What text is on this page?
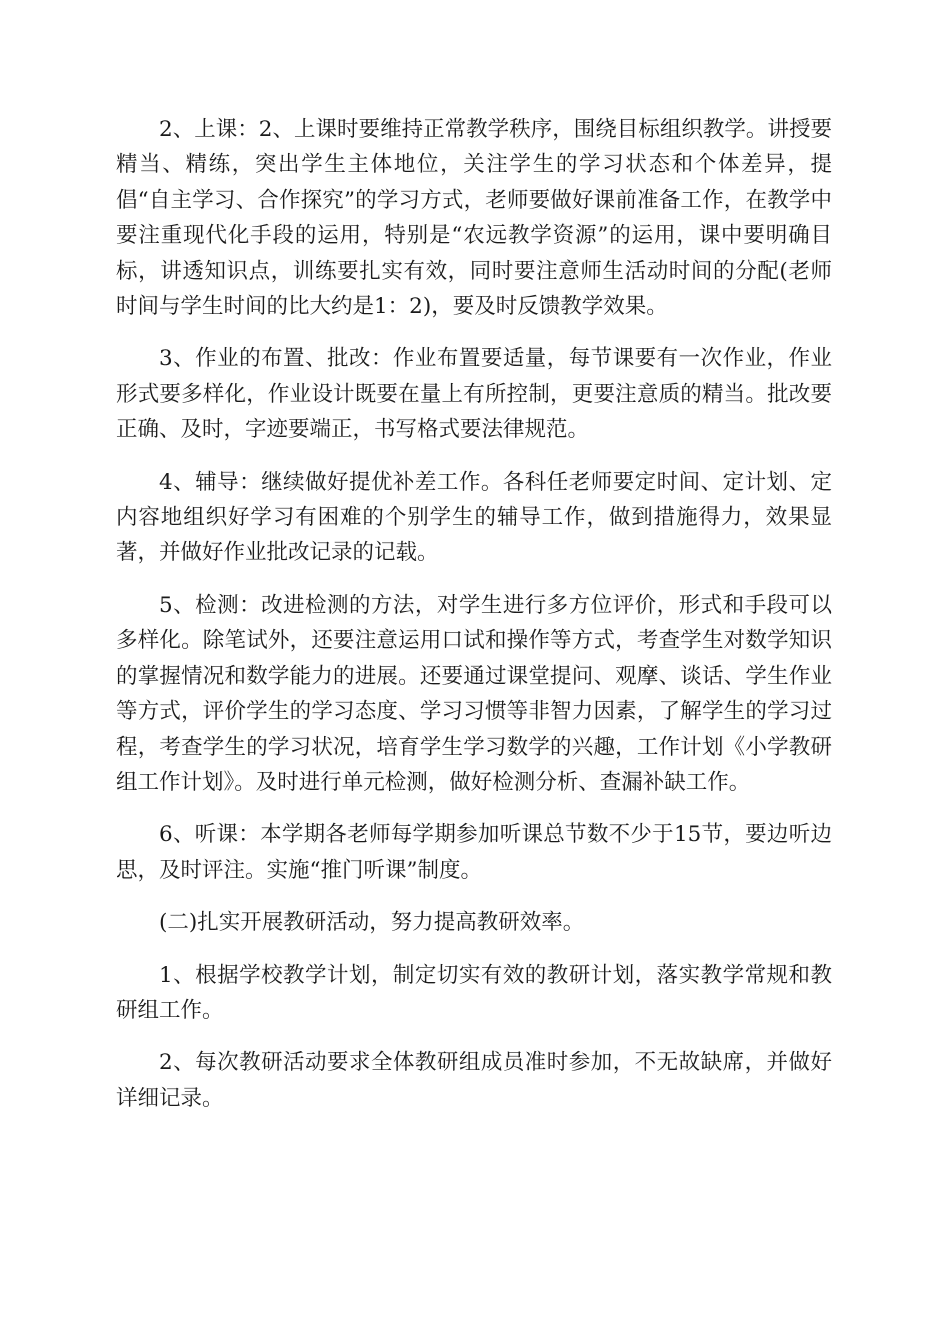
2、上课：2、上课时要维持正常教学秩序，围绕目标组织教学。讲授要精当、精练，突出学生主体地位，关注学生的学习状态和个体差异，提倡“自主学习、合作探究”的学习方式，老师要做好课前准备工作，在教学中要注重现代化手段的运用，特别是“农远教学资源”的运用，课中要明确目标，讲透知识点，训练要扎实有效，同时要注意师生活动时间的分配(老师时间与学生时间的比大约是1：2)，要及时反馈教学效果。

3、作业的布置、批改：作业布置要适量，每节课要有一次作业，作业形式要多样化，作业设计既要在量上有所控制，更要注意质的精当。批改要正确、及时，字迹要端正，书写格式要法律规范。

4、辅导：继续做好提优补差工作。各科任老师要定时间、定计划、定内容地组织好学习有困难的个别学生的辅导工作，做到措施得力，效果显著，并做好作业批改记录的记载。

5、检测：改进检测的方法，对学生进行多方位评价，形式和手段可以多样化。除笔试外，还要注意运用口试和操作等方式，考查学生对数学知识的掌握情况和数学能力的进展。还要通过课堂提问、观摩、谈话、学生作业等方式，评价学生的学习态度、学习习惯等非智力因素，了解学生的学习过程，考查学生的学习状况，培育学生学习数学的兴趣，工作计划《小学教研组工作计划》。及时进行单元检测，做好检测分析、查漏补缺工作。

6、听课：本学期各老师每学期参加听课总节数不少于15节，要边听边思，及时评注。实施“推门听课”制度。

(二)扎实开展教研活动，努力提高教研效率。

1、根据学校教学计划，制定切实有效的教研计划，落实教学常规和教研组工作。

2、每次教研活动要求全体教研组成员准时参加，不无故缺席，并做好详细记录。
